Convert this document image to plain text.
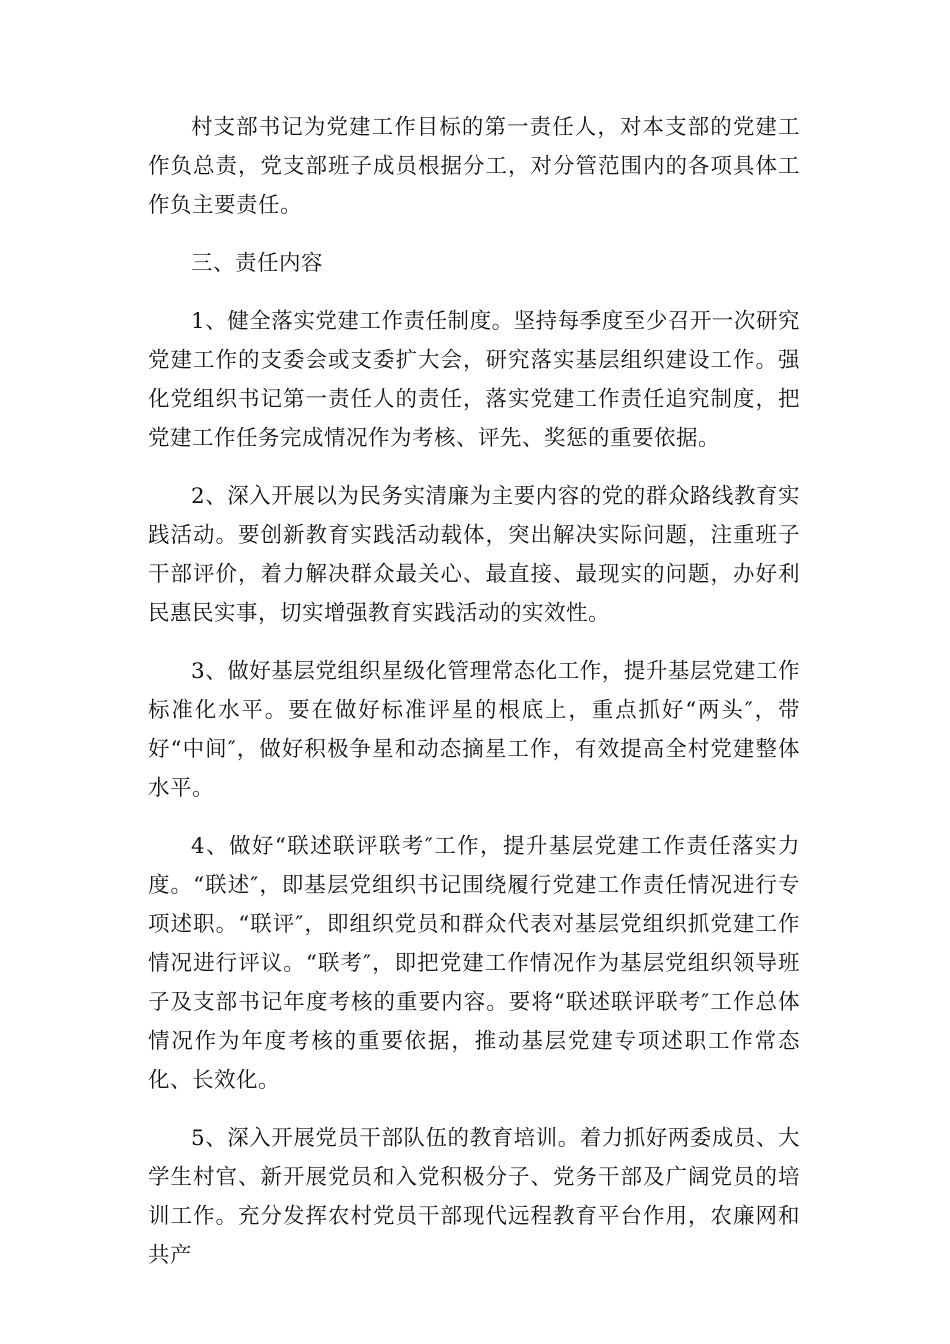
村支部书记为党建工作目标的第一责任人，对本支部的党建工作负总责，党支部班子成员根据分工，对分管范围内的各项具体工作负主要责任。

三、责任内容

1、健全落实党建工作责任制度。坚持每季度至少召开一次研究党建工作的支委会或支委扩大会，研究落实基层组织建设工作。强化党组织书记第一责任人的责任，落实党建工作责任追究制度，把党建工作任务完成情况作为考核、评先、奖惩的重要依据。

2、深入开展以为民务实清廉为主要内容的党的群众路线教育实践活动。要创新教育实践活动载体，突出解决实际问题，注重班子干部评价，着力解决群众最关心、最直接、最现实的问题，办好利民惠民实事，切实增强教育实践活动的实效性。

3、做好基层党组织星级化管理常态化工作，提升基层党建工作标准化水平。要在做好标准评星的根底上，重点抓好“两头″，带好“中间″，做好积极争星和动态摘星工作，有效提高全村党建整体水平。

4、做好“联述联评联考″工作，提升基层党建工作责任落实力度。“联述″，即基层党组织书记围绕履行党建工作责任情况进行专项述职。“联评″，即组织党员和群众代表对基层党组织抓党建工作情况进行评议。“联考″，即把党建工作情况作为基层党组织领导班子及支部书记年度考核的重要内容。要将“联述联评联考″工作总体情况作为年度考核的重要依据，推动基层党建专项述职工作常态化、长效化。

5、深入开展党员干部队伍的教育培训。着力抓好两委成员、大学生村官、新开展党员和入党积极分子、党务干部及广阔党员的培训工作。充分发挥农村党员干部现代远程教育平台作用，农廉网和共产
